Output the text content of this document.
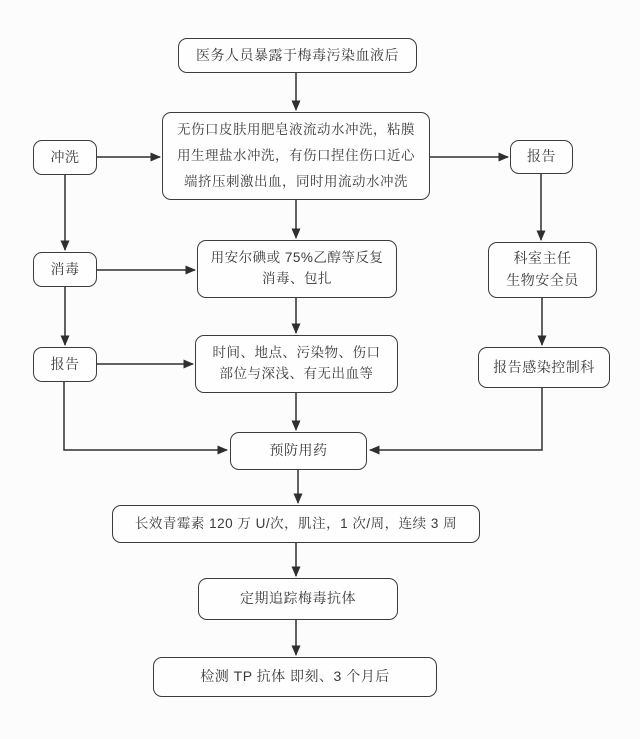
医务人员暴露于梅毒污染血液后
无伤口皮肤用肥皂液流动水冲洗，粘膜
用生理盐水冲洗，有伤口捏住伤口近心
端挤压刺激出血，同时用流动水冲洗
冲洗	报告
消毒
用安尔碘或 75%乙醇等反复
消毒、包扎
科室主任
生物安全员
报告
时间、地点、污染物、伤口
部位与深浅、有无出血等	报告感染控制科
预防用药
长效青霉素 120 万 U/次，肌注，1 次/周，连续 3 周
定期追踪梅毒抗体
检测 TP 抗体 即刻、3 个月后
